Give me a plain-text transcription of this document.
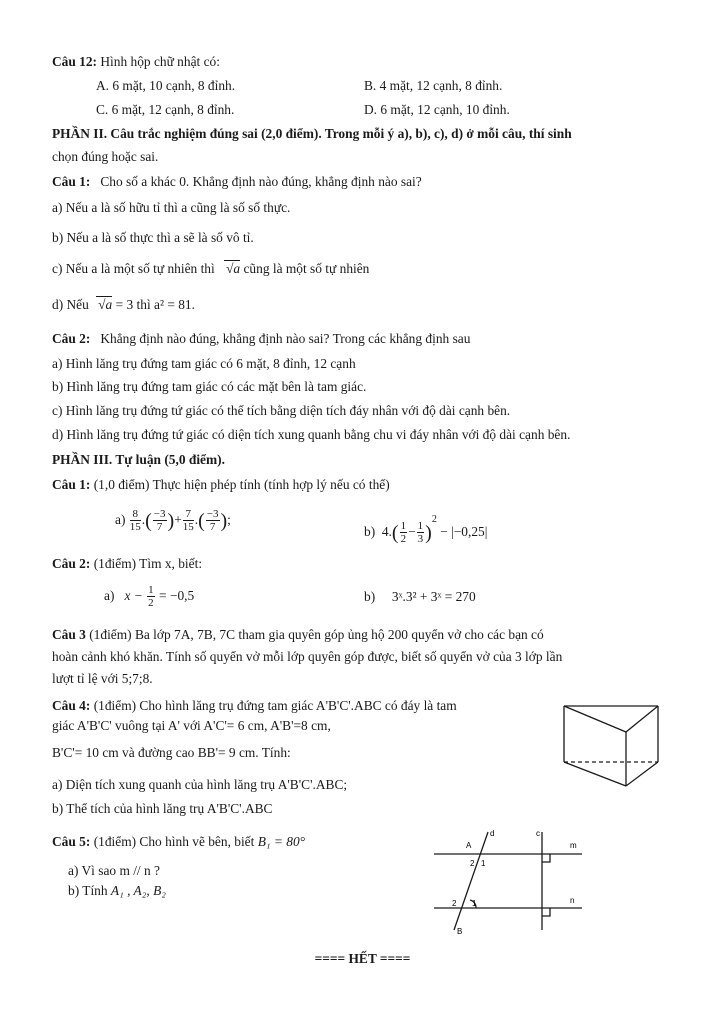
Câu 12: Hình hộp chữ nhật có:
A. 6 mặt, 10 cạnh, 8 đỉnh.	B. 4 mặt, 12 cạnh, 8 đỉnh.
C. 6 mặt, 12 cạnh, 8 đỉnh.	D. 6 mặt, 12 cạnh, 10 đỉnh.
PHẦN II. Câu trắc nghiệm đúng sai (2,0 điểm). Trong mỗi ý a), b), c), d) ở mỗi câu, thí sinh
chọn đúng hoặc sai.
Câu 1: Cho số a khác 0. Khẳng định nào đúng, khẳng định nào sai?
a) Nếu a là số hữu tỉ thì a cũng là số số thực.
b) Nếu a là số thực thì a sẽ là số vô tỉ.
c) Nếu a là một số tự nhiên thì √a cũng là một số tự nhiên
d) Nếu √a = 3 thì a² = 81.
Câu 2: Khẳng định nào đúng, khẳng định nào sai? Trong các khẳng định sau
a) Hình lăng trụ đứng tam giác có 6 mặt, 8 đỉnh, 12 cạnh
b) Hình lăng trụ đứng tam giác có các mặt bên là tam giác.
c) Hình lăng trụ đứng tứ giác có thể tích bằng diện tích đáy nhân với độ dài cạnh bên.
d) Hình lăng trụ đứng tứ giác có diện tích xung quanh bằng chu vi đáy nhân với độ dài cạnh bên.
PHẦN III. Tự luận (5,0 điểm).
Câu 1: (1,0 điểm) Thực hiện phép tính (tính hợp lý nếu có thể)
$a) \frac{8}{15}$ .( $\frac{-3}{7}$ )+ $\frac{7}{15}$ .( $\frac{-3}{7}$ );
b) $4.( \frac{1}{2} - \frac{1}{3} )^2 - |-0,25|$
Câu 2: (1điểm) Tìm x, biết:
a) $x - \frac{1}{2} = -0,5$	b) 3ˣ.3² + 3ˣ = 270
Câu 3 (1điểm) Ba lớp 7A, 7B, 7C tham gia quyên góp ủng hộ 200 quyển vở cho các bạn có
hoàn cảnh khó khăn. Tính số quyển vở mỗi lớp quyên góp được, biết số quyển vở của 3 lớp lần
lượt tỉ lệ với 5;7;8.
Câu 4: (1điểm) Cho hình lăng trụ đứng tam giác A'B'C'.ABC có đáy là tam
giác A'B'C' vuông tại A' với A'C'= 6 cm, A'B'=8 cm,
B'C'= 10 cm và đường cao BB'= 9 cm. Tính:
a) Diện tích xung quanh của hình lăng trụ A'B'C'.ABC;
b) Thể tích của hình lăng trụ A'B'C'.ABC
Câu 5: (1điểm) Cho hình vẽ bên, biết B₁ = 80°
a) Vì sao m // n ?
b) Tính A₁ , A₂, B₂
A
B
m
n
d	c
2 1
2 1
==== HẾT ====
